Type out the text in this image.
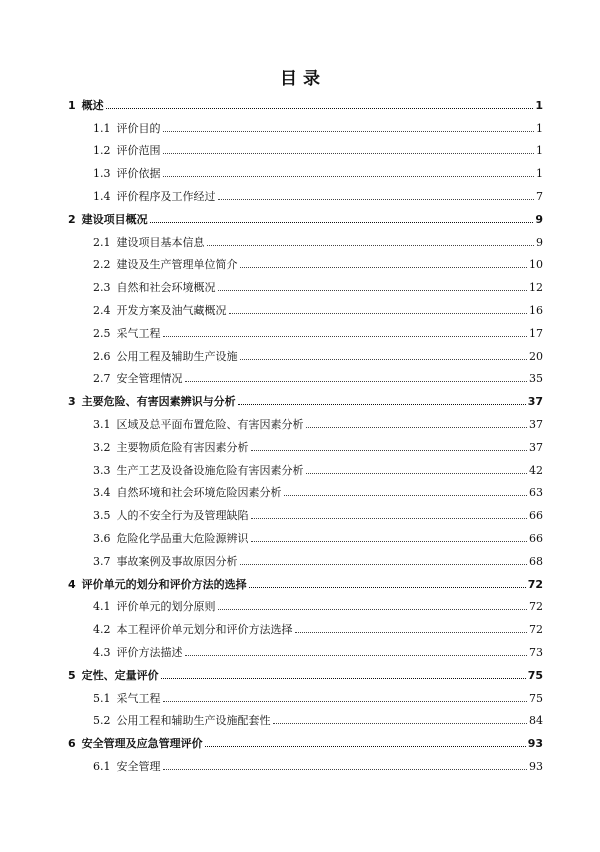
目 录
1 概述	1
1.1 评价目的	1
1.2 评价范围	1
1.3 评价依据	1
1.4 评价程序及工作经过	7
2 建设项目概况	9
2.1 建设项目基本信息	9
2.2 建设及生产管理单位简介	10
2.3 自然和社会环境概况	12
2.4 开发方案及油气藏概况	16
2.5 采气工程	17
2.6 公用工程及辅助生产设施	20
2.7 安全管理情况	35
3 主要危险、有害因素辨识与分析	37
3.1 区域及总平面布置危险、有害因素分析	37
3.2 主要物质危险有害因素分析	37
3.3 生产工艺及设备设施危险有害因素分析	42
3.4 自然环境和社会环境危险因素分析	63
3.5 人的不安全行为及管理缺陷	66
3.6 危险化学品重大危险源辨识	66
3.7 事故案例及事故原因分析	68
4 评价单元的划分和评价方法的选择	72
4.1 评价单元的划分原则	72
4.2 本工程评价单元划分和评价方法选择	72
4.3 评价方法描述	73
5 定性、定量评价	75
5.1 采气工程	75
5.2 公用工程和辅助生产设施配套性	84
6 安全管理及应急管理评价	93
6.1 安全管理	93
